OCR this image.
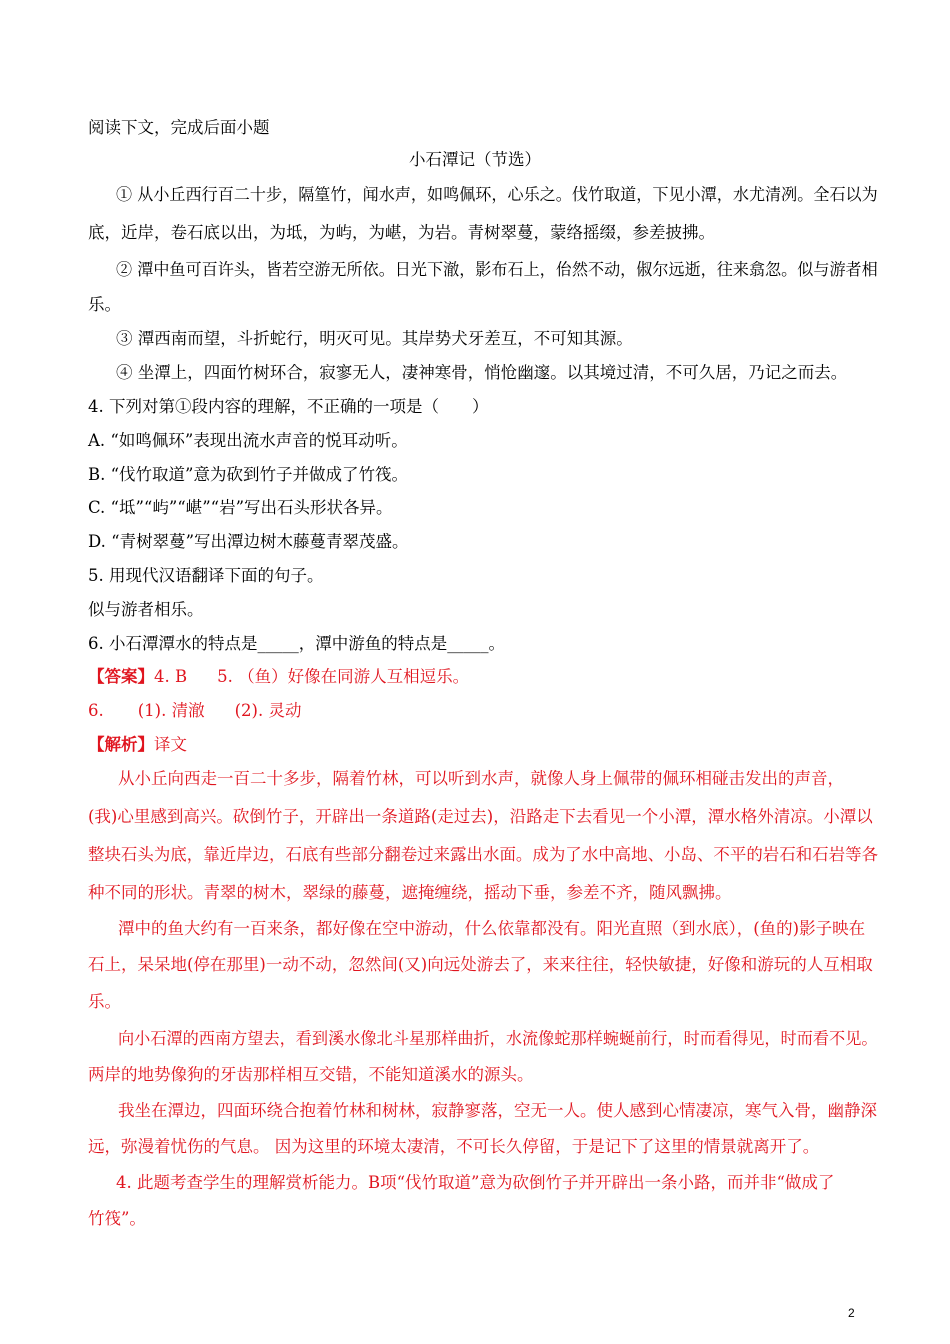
阅读下文，完成后面小题
小石潭记（节选）
① 从小丘西行百二十步，隔篁竹，闻水声，如鸣佩环，心乐之。伐竹取道，下见小潭，水尤清冽。全石以为
底，近岸，卷石底以出，为坻，为屿，为嵁，为岩。青树翠蔓，蒙络摇缀，参差披拂。
② 潭中鱼可百许头，皆若空游无所依。日光下澈，影布石上，佁然不动，俶尔远逝，往来翕忽。似与游者相
乐。
③ 潭西南而望，斗折蛇行，明灭可见。其岸势犬牙差互，不可知其源。
④ 坐潭上，四面竹树环合，寂寥无人，凄神寒骨，悄怆幽邃。以其境过清，不可久居，乃记之而去。
4. 下列对第①段内容的理解，不正确的一项是（　　）
A. “如鸣佩环”表现出流水声音的悦耳动听。
B. “伐竹取道”意为砍到竹子并做成了竹筏。
C. “坻”“屿”“嵁”“岩”写出石头形状各异。
D. “青树翠蔓”写出潭边树木藤蔓青翠茂盛。
5. 用现代汉语翻译下面的句子。
似与游者相乐。
6. 小石潭潭水的特点是_____，潭中游鱼的特点是_____。
【答案】4. B 5. （鱼）好像在同游人互相逗乐。
6. (1). 清澈 (2). 灵动
【解析】译文
从小丘向西走一百二十多步，隔着竹林，可以听到水声，就像人身上佩带的佩环相碰击发出的声音，
(我)心里感到高兴。砍倒竹子，开辟出一条道路(走过去)，沿路走下去看见一个小潭，潭水格外清凉。小潭以
整块石头为底，靠近岸边，石底有些部分翻卷过来露出水面。成为了水中高地、小岛、不平的岩石和石岩等各
种不同的形状。青翠的树木，翠绿的藤蔓，遮掩缠绕，摇动下垂，参差不齐，随风飘拂。
潭中的鱼大约有一百来条，都好像在空中游动，什么依靠都没有。阳光直照（到水底），(鱼的)影子映在
石上，呆呆地(停在那里)一动不动，忽然间(又)向远处游去了，来来往往，轻快敏捷，好像和游玩的人互相取
乐。
向小石潭的西南方望去，看到溪水像北斗星那样曲折，水流像蛇那样蜿蜒前行，时而看得见，时而看不见。
两岸的地势像狗的牙齿那样相互交错，不能知道溪水的源头。
我坐在潭边，四面环绕合抱着竹林和树林，寂静寥落，空无一人。使人感到心情凄凉，寒气入骨，幽静深
远，弥漫着忧伤的气息。 因为这里的环境太凄清，不可长久停留，于是记下了这里的情景就离开了。
4. 此题考查学生的理解赏析能力。B项“伐竹取道”意为砍倒竹子并开辟出一条小路，而并非“做成了
竹筏”。
2
